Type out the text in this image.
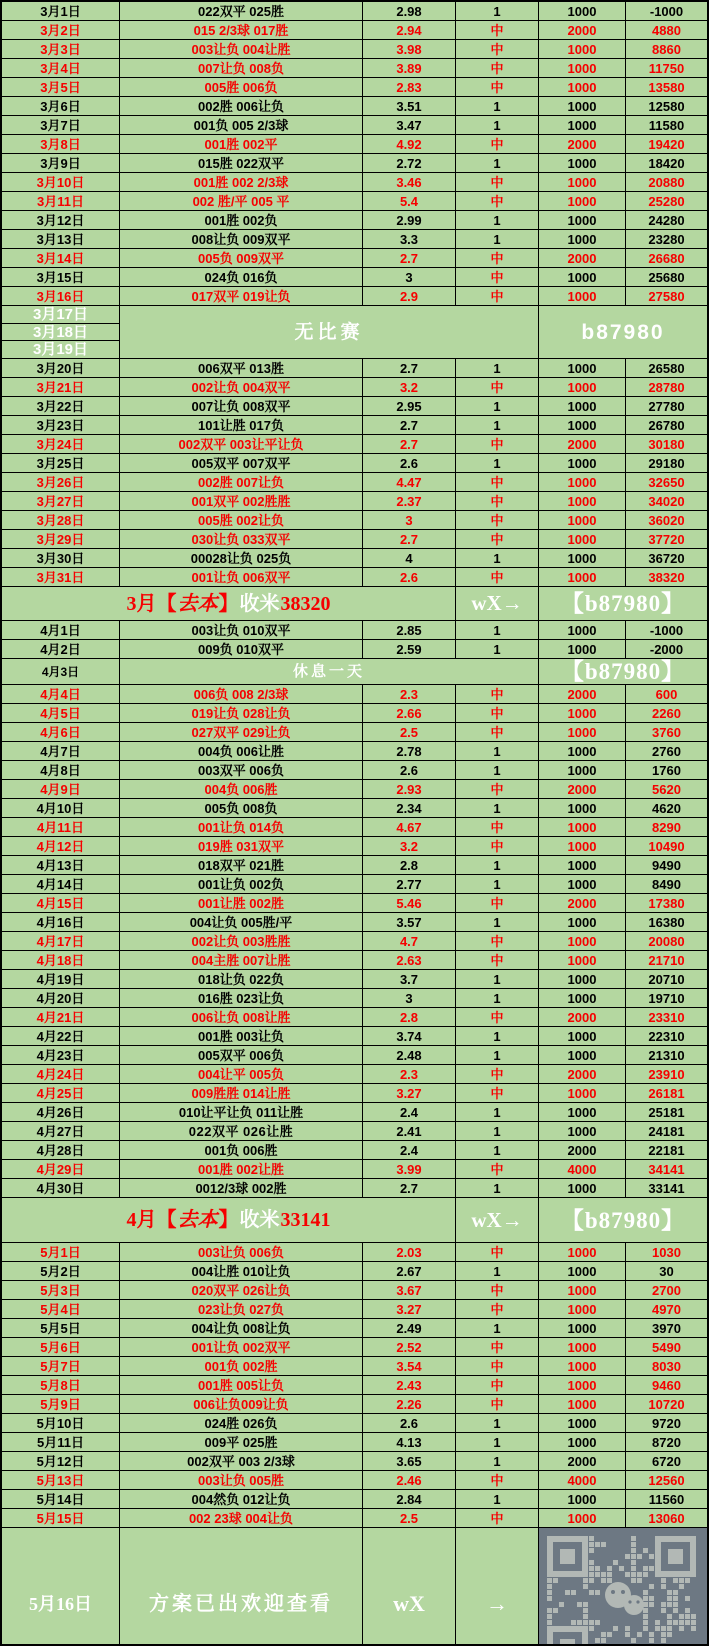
3月1日	022双平 025胜	2.98	1	1000	-1000
3月2日	015 2/3球 017胜	2.94	中	2000	4880
3月3日	003让负 004让胜	3.98	中	1000	8860
3月4日	007让负 008负	3.89	中	1000	11750
3月5日	005胜 006负	2.83	中	1000	13580
3月6日	002胜 006让负	3.51	1	1000	12580
3月7日	001负 005 2/3球	3.47	1	1000	11580
3月8日	001胜 002平	4.92	中	2000	19420
3月9日	015胜 022双平	2.72	1	1000	18420
3月10日	001胜 002 2/3球	3.46	中	1000	20880
3月11日	002 胜/平 005 平	5.4	中	1000	25280
3月12日	001胜 002负	2.99	1	1000	24280
3月13日	008让负 009双平	3.3	1	1000	23280
3月14日	005负 009双平	2.7	中	2000	26680
3月15日	024负 016负	3	中	1000	25680
3月16日	017双平 019让负	2.9	中	1000	27580
3月17日
3月18日
3月19日
无比赛	b87980
3月20日	006双平 013胜	2.7	1	1000	26580
3月21日	002让负 004双平	3.2	中	1000	28780
3月22日	007让负 008双平	2.95	1	1000	27780
3月23日	101让胜 017负	2.7	1	1000	26780
3月24日	002双平 003让平让负	2.7	中	2000	30180
3月25日	005双平 007双平	2.6	1	1000	29180
3月26日	002胜 007让负	4.47	中	1000	32650
3月27日	001双平 002胜胜	2.37	中	1000	34020
3月28日	005胜 002让负	3	中	1000	36020
3月29日	030让负 033双平	2.7	中	1000	37720
3月30日	00028让负 025负	4	1	1000	36720
3月31日	001让负 006双平	2.6	中	1000	38320
3月【 去本 】 收米 38320	wX→	【b87980】
4月1日	003让负 010双平	2.85	1	1000	-1000
4月2日	009负 010双平	2.59	1	1000	-2000
4月3日	休息一天	【b87980】
4月4日	006负 008 2/3球	2.3	中	2000	600
4月5日	019让负 028让负	2.66	中	1000	2260
4月6日	027双平 029让负	2.5	中	1000	3760
4月7日	004负 006让胜	2.78	1	1000	2760
4月8日	003双平 006负	2.6	1	1000	1760
4月9日	004负 006胜	2.93	中	2000	5620
4月10日	005负 008负	2.34	1	1000	4620
4月11日	001让负 014负	4.67	中	1000	8290
4月12日	019胜 031双平	3.2	中	1000	10490
4月13日	018双平 021胜	2.8	1	1000	9490
4月14日	001让负 002负	2.77	1	1000	8490
4月15日	001让胜 002胜	5.46	中	2000	17380
4月16日	004让负 005胜/平	3.57	1	1000	16380
4月17日	002让负 003胜胜	4.7	中	1000	20080
4月18日	004主胜 007让胜	2.63	中	1000	21710
4月19日	018让负 022负	3.7	1	1000	20710
4月20日	016胜 023让负	3	1	1000	19710
4月21日	006让负 008让胜	2.8	中	2000	23310
4月22日	001胜 003让负	3.74	1	1000	22310
4月23日	005双平 006负	2.48	1	1000	21310
4月24日	004让平 005负	2.3	中	2000	23910
4月25日	009胜胜 014让胜	3.27	中	1000	26181
4月26日	010让平让负 011让胜	2.4	1	1000	25181
4月27日	022双平 026让胜	2.41	1	1000	24181
4月28日	001负 006胜	2.4	1	2000	22181
4月29日	001胜 002让胜	3.99	中	4000	34141
4月30日	0012/3球 002胜	2.7	1	1000	33141
4月【 去本 】 收米 33141	wX→	【b87980】
5月1日	003让负 006负	2.03	中	1000	1030
5月2日	004让胜 010让负	2.67	1	1000	30
5月3日	020双平 026让负	3.67	中	1000	2700
5月4日	023让负 027负	3.27	中	1000	4970
5月5日	004让负 008让负	2.49	1	1000	3970
5月6日	001让负 002双平	2.52	中	1000	5490
5月7日	001负 002胜	3.54	中	1000	8030
5月8日	001胜 005让负	2.43	中	1000	9460
5月9日	006让负009让负	2.26	中	1000	10720
5月10日	024胜 026负	2.6	1	1000	9720
5月11日	009平 025胜	4.13	1	1000	8720
5月12日	002双平 003 2/3球	3.65	1	2000	6720
5月13日	003让负 005胜	2.46	中	4000	12560
5月14日	004然负 012让负	2.84	1	1000	11560
5月15日	002 23球 004让负	2.5	中	1000	13060
5月16日	方案已出欢迎查看	wX	→
